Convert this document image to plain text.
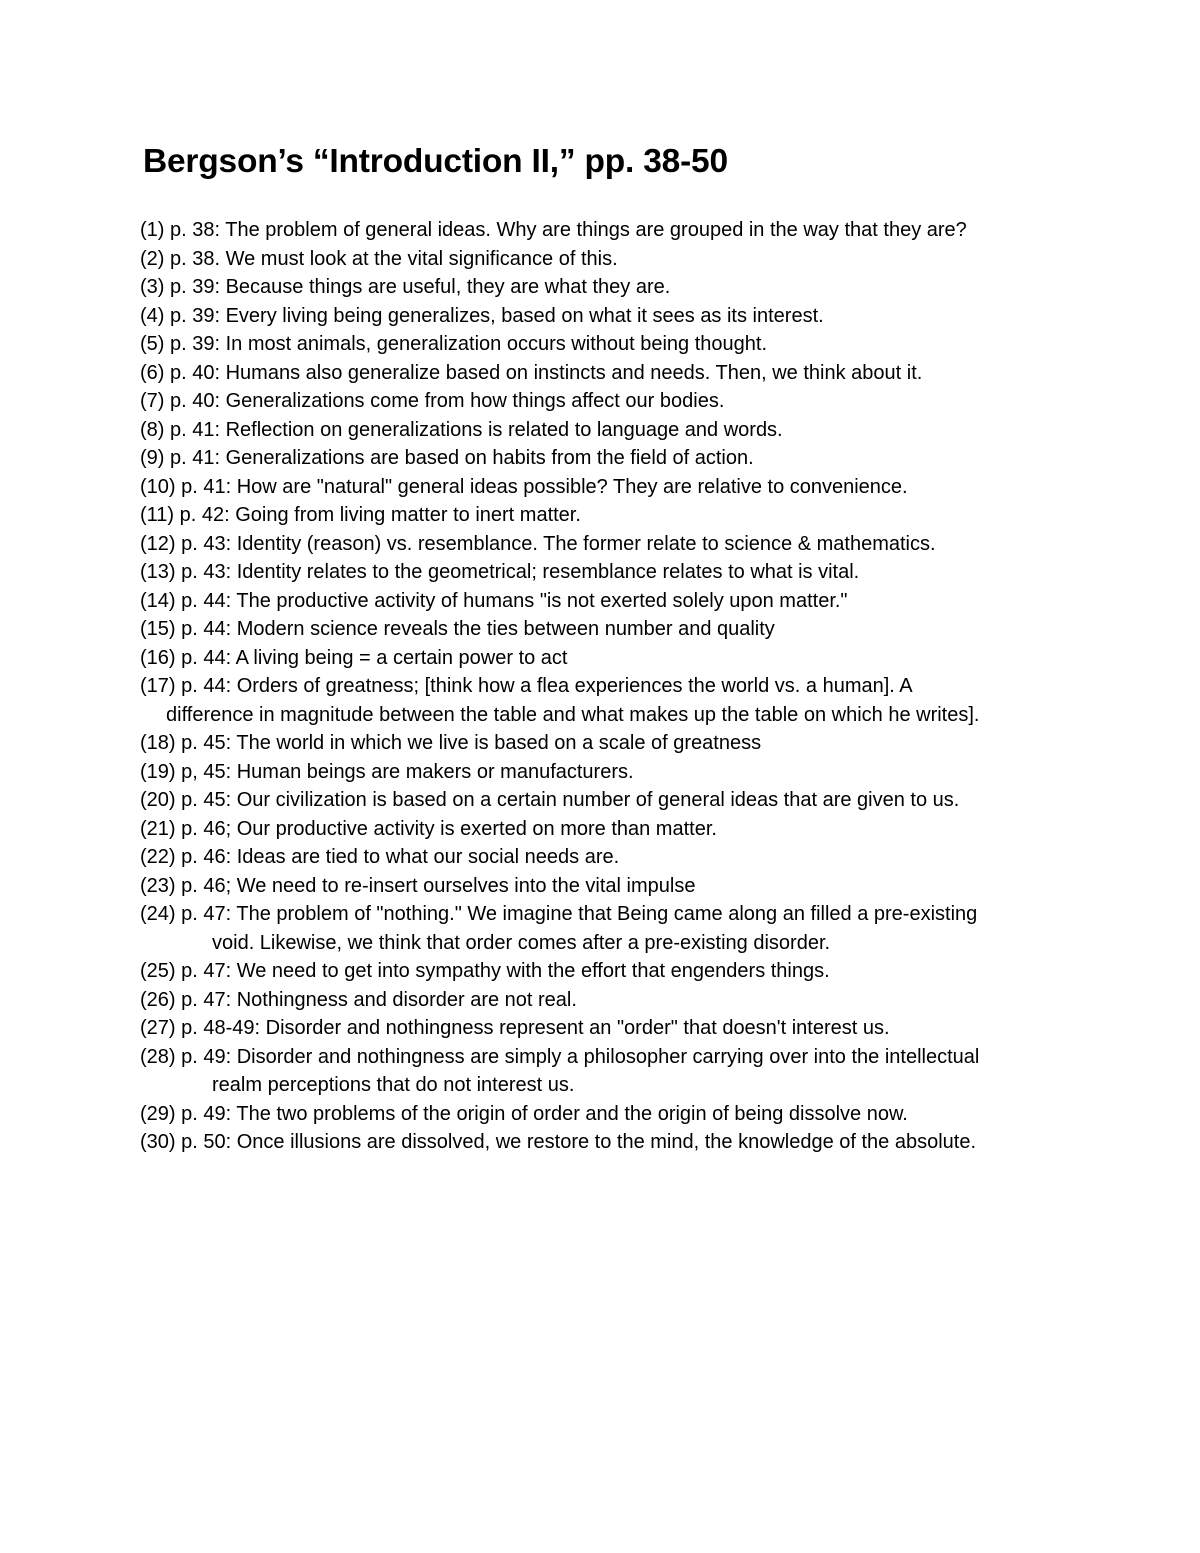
Bergson’s “Introduction II,” pp. 38-50
(1) p. 38: The problem of general ideas. Why are things are grouped in the way that they are?
(2) p. 38. We must look at the vital significance of this.
(3) p. 39: Because things are useful, they are what they are.
(4) p. 39: Every living being generalizes, based on what it sees as its interest.
(5) p. 39: In most animals, generalization occurs without being thought.
(6) p. 40: Humans also generalize based on instincts and needs. Then, we think about it.
(7) p. 40: Generalizations come from how things affect our bodies.
(8) p. 41: Reflection on generalizations is related to language and words.
(9) p. 41: Generalizations are based on habits from the field of action.
(10) p. 41: How are "natural" general ideas possible? They are relative to convenience.
(11) p. 42: Going from living matter to inert matter.
(12) p. 43: Identity (reason) vs. resemblance. The former relate to science & mathematics.
(13) p. 43: Identity relates to the geometrical; resemblance relates to what is vital.
(14) p. 44: The productive activity of humans "is not exerted solely upon matter."
(15) p. 44: Modern science reveals the ties between number and quality
(16) p. 44: A living being = a certain power to act
(17) p. 44: Orders of greatness; [think how a flea experiences the world vs. a human]. A
difference in magnitude between the table and what makes up the table on which he writes].
(18) p. 45: The world in which we live is based on a scale of greatness
(19) p, 45: Human beings are makers or manufacturers.
(20) p. 45: Our civilization is based on a certain number of general ideas that are given to us.
(21) p. 46; Our productive activity is exerted on more than matter.
(22) p. 46: Ideas are tied to what our social needs are.
(23) p. 46; We need to re-insert ourselves into the vital impulse
(24) p. 47: The problem of "nothing." We imagine that Being came along an filled a pre-existing
void. Likewise, we think that order comes after a pre-existing disorder.
(25) p. 47: We need to get into sympathy with the effort that engenders things.
(26) p. 47: Nothingness and disorder are not real.
(27) p. 48-49: Disorder and nothingness represent an "order" that doesn't interest us.
(28) p. 49: Disorder and nothingness are simply a philosopher carrying over into the intellectual
realm perceptions that do not interest us.
(29) p. 49: The two problems of the origin of order and the origin of being dissolve now.
(30) p. 50: Once illusions are dissolved, we restore to the mind, the knowledge of the absolute.
